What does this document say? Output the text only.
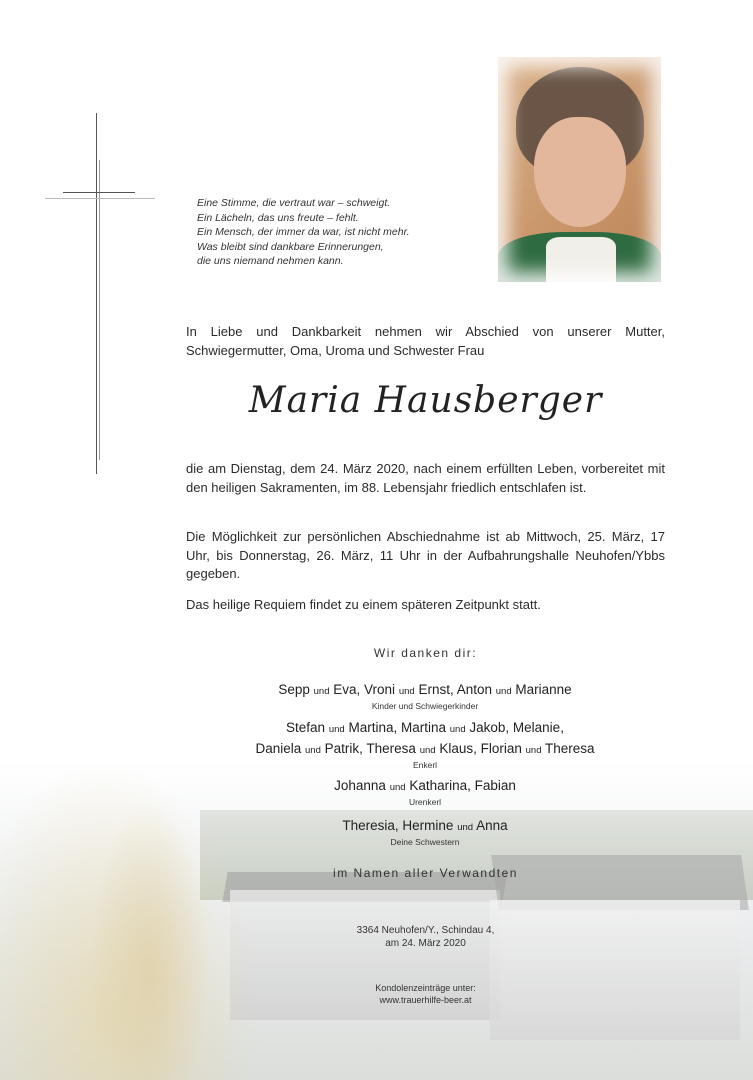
Eine Stimme, die vertraut war – schweigt.
Ein Lächeln, das uns freute – fehlt.
Ein Mensch, der immer da war, ist nicht mehr.
Was bleibt sind dankbare Erinnerungen,
die uns niemand nehmen kann.
In Liebe und Dankbarkeit nehmen wir Abschied von unserer Mutter, Schwiegermutter, Oma, Uroma und Schwester Frau
Maria Hausberger
die am Dienstag, dem 24. März 2020, nach einem erfüllten Leben, vorbereitet mit den heiligen Sakramenten, im 88. Lebensjahr friedlich entschlafen ist.
Die Möglichkeit zur persönlichen Abschiednahme ist ab Mittwoch, 25. März, 17 Uhr, bis Donnerstag, 26. März, 11 Uhr in der Aufbahrungshalle Neuhofen/Ybbs gegeben.
Das heilige Requiem findet zu einem späteren Zeitpunkt statt.
Wir danken dir:
Sepp und Eva, Vroni und Ernst, Anton und Marianne
Kinder und Schwiegerkinder
Stefan und Martina, Martina und Jakob, Melanie,
Daniela und Patrik, Theresa und Klaus, Florian und Theresa
Enkerl
Johanna und Katharina, Fabian
Urenkerl
Theresia, Hermine und Anna
Deine Schwestern
im Namen aller Verwandten
3364 Neuhofen/Y., Schindau 4,
am 24. März 2020
Kondolenzeinträge unter:
www.trauerhilfe-beer.at
